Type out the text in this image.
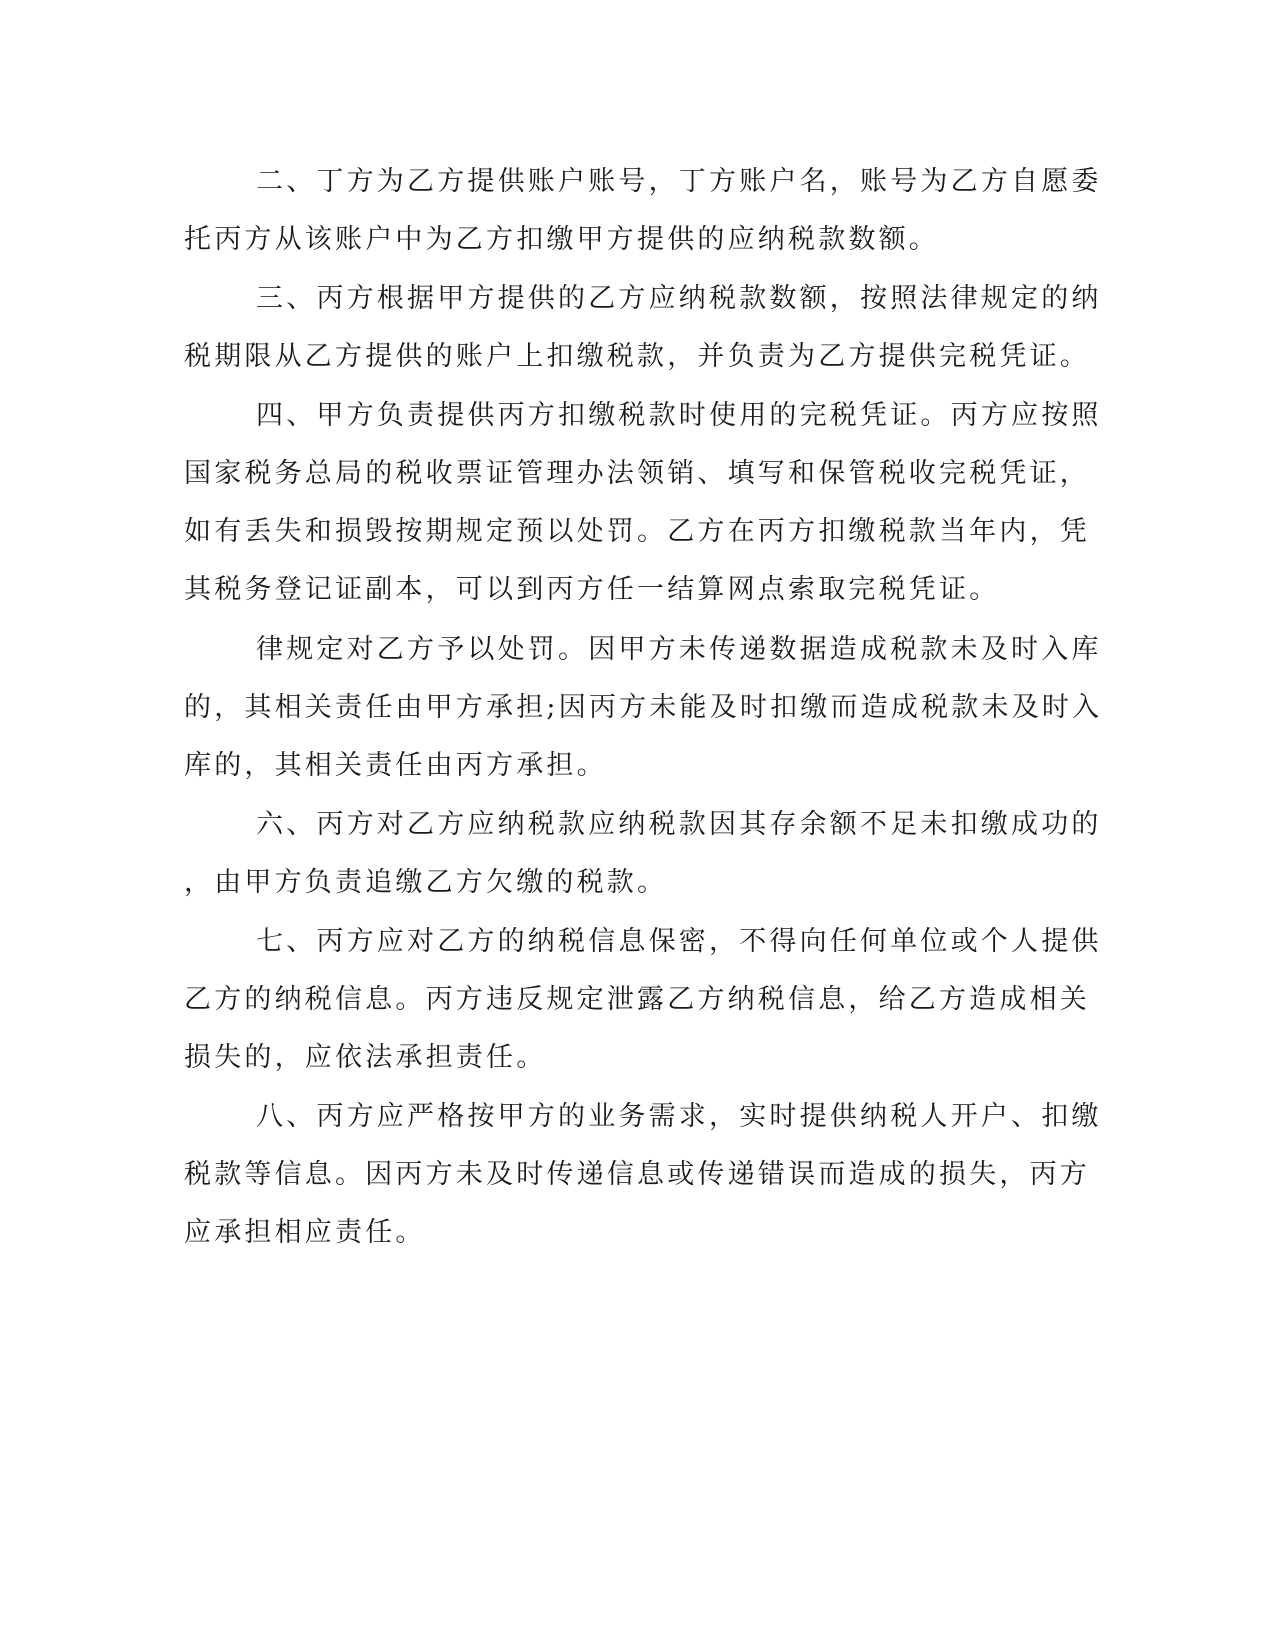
二、丁方为乙方提供账户账号，丁方账户名，账号为乙方自愿委

托丙方从该账户中为乙方扣缴甲方提供的应纳税款数额。

三、丙方根据甲方提供的乙方应纳税款数额，按照法律规定的纳

税期限从乙方提供的账户上扣缴税款，并负责为乙方提供完税凭证。

四、甲方负责提供丙方扣缴税款时使用的完税凭证。丙方应按照

国家税务总局的税收票证管理办法领销、填写和保管税收完税凭证，

如有丢失和损毁按期规定预以处罚。乙方在丙方扣缴税款当年内，凭

其税务登记证副本，可以到丙方任一结算网点索取完税凭证。

律规定对乙方予以处罚。因甲方未传递数据造成税款未及时入库

的，其相关责任由甲方承担;因丙方未能及时扣缴而造成税款未及时入

库的，其相关责任由丙方承担。

六、丙方对乙方应纳税款应纳税款因其存余额不足未扣缴成功的

，由甲方负责追缴乙方欠缴的税款。

七、丙方应对乙方的纳税信息保密，不得向任何单位或个人提供

乙方的纳税信息。丙方违反规定泄露乙方纳税信息，给乙方造成相关

损失的，应依法承担责任。

八、丙方应严格按甲方的业务需求，实时提供纳税人开户、扣缴

税款等信息。因丙方未及时传递信息或传递错误而造成的损失，丙方

应承担相应责任。
